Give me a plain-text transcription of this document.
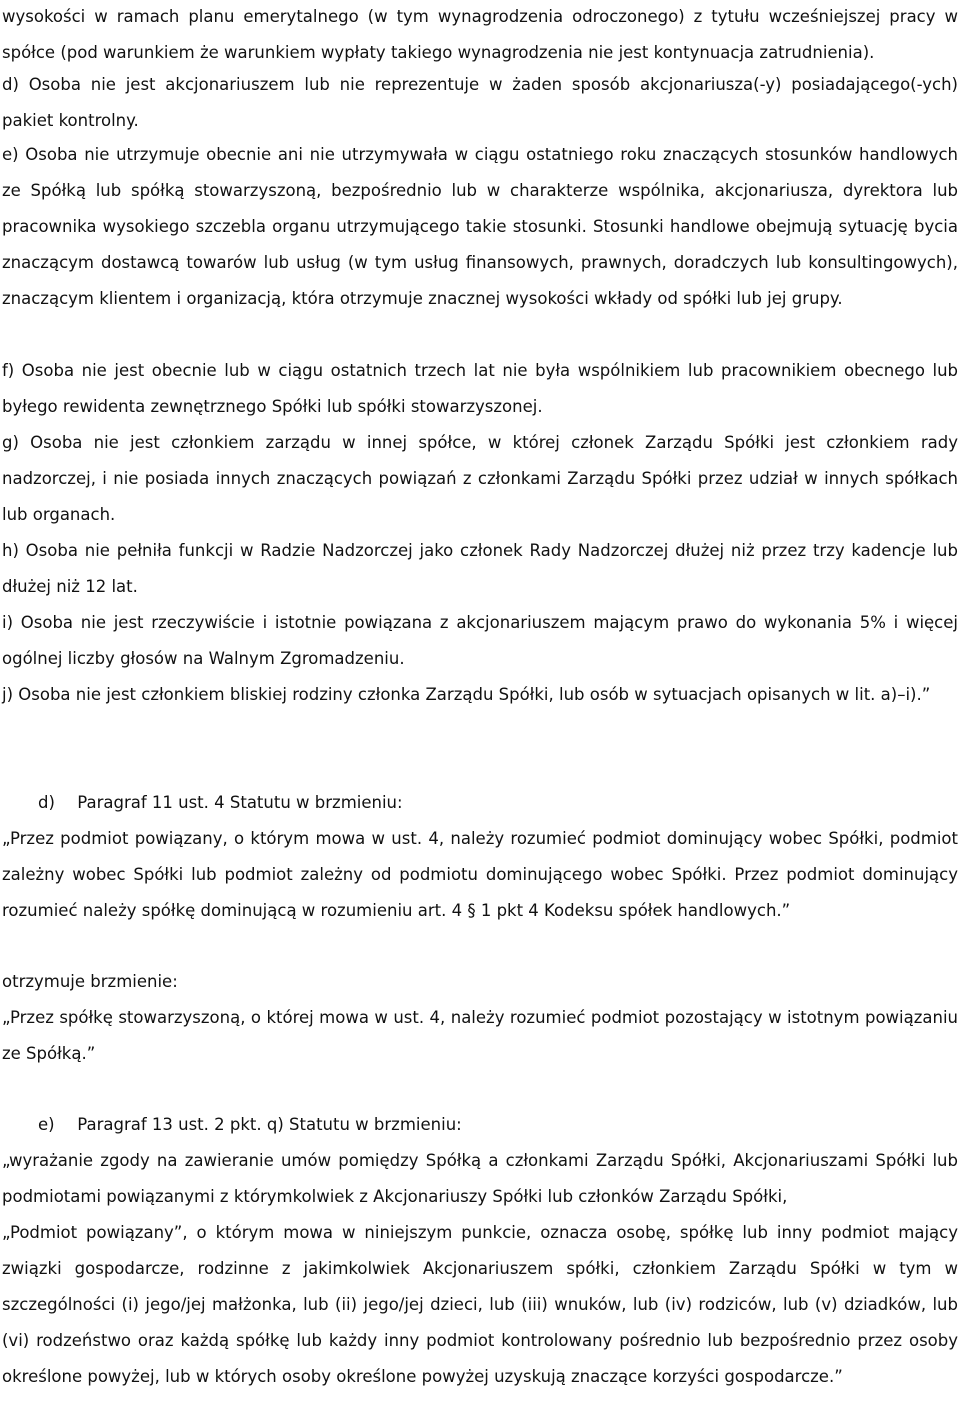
wysokości w ramach planu emerytalnego (w tym wynagrodzenia odroczonego) z tytułu wcześniejszej pracy w spółce (pod warunkiem że warunkiem wypłaty takiego wynagrodzenia nie jest kontynuacja zatrudnienia).

d) Osoba nie jest akcjonariuszem lub nie reprezentuje w żaden sposób akcjonariusza(-y) posiadającego(-ych) pakiet kontrolny.

e) Osoba nie utrzymuje obecnie ani nie utrzymywała w ciągu ostatniego roku znaczących stosunków handlowych ze Spółką lub spółką stowarzyszoną, bezpośrednio lub w charakterze wspólnika, akcjonariusza, dyrektora lub pracownika wysokiego szczebla organu utrzymującego takie stosunki. Stosunki handlowe obejmują sytuację bycia znaczącym dostawcą towarów lub usług (w tym usług finansowych, prawnych, doradczych lub konsultingowych), znaczącym klientem i organizacją, która otrzymuje znacznej wysokości wkłady od spółki lub jej grupy.

f) Osoba nie jest obecnie lub w ciągu ostatnich trzech lat nie była wspólnikiem lub pracownikiem obecnego lub byłego rewidenta zewnętrznego Spółki lub spółki stowarzyszonej.

g) Osoba nie jest członkiem zarządu w innej spółce, w której członek Zarządu Spółki jest członkiem rady nadzorczej, i nie posiada innych znaczących powiązań z członkami Zarządu Spółki przez udział w innych spółkach lub organach.

h) Osoba nie pełniła funkcji w Radzie Nadzorczej jako członek Rady Nadzorczej dłużej niż przez trzy kadencje lub dłużej niż 12 lat.

i) Osoba nie jest rzeczywiście i istotnie powiązana z akcjonariuszem mającym prawo do wykonania 5% i więcej ogólnej liczby głosów na Walnym Zgromadzeniu.

j) Osoba nie jest członkiem bliskiej rodziny członka Zarządu Spółki, lub osób w sytuacjach opisanych w lit. a)–i).”

d) Paragraf 11 ust. 4 Statutu w brzmieniu:

„Przez podmiot powiązany, o którym mowa w ust. 4, należy rozumieć podmiot dominujący wobec Spółki, podmiot zależny wobec Spółki lub podmiot zależny od podmiotu dominującego wobec Spółki. Przez podmiot dominujący rozumieć należy spółkę dominującą w rozumieniu art. 4 § 1 pkt 4 Kodeksu spółek handlowych.”

otrzymuje brzmienie:

„Przez spółkę stowarzyszoną, o której mowa w ust. 4, należy rozumieć podmiot pozostający w istotnym powiązaniu ze Spółką.”

e) Paragraf 13 ust. 2 pkt. q) Statutu w brzmieniu:

„wyrażanie zgody na zawieranie umów pomiędzy Spółką a członkami Zarządu Spółki, Akcjonariuszami Spółki lub podmiotami powiązanymi z którymkolwiek z Akcjonariuszy Spółki lub członków Zarządu Spółki,

„Podmiot powiązany”, o którym mowa w niniejszym punkcie, oznacza osobę, spółkę lub inny podmiot mający związki gospodarcze, rodzinne z jakimkolwiek Akcjonariuszem spółki, członkiem Zarządu Spółki w tym w szczególności (i) jego/jej małżonka, lub (ii) jego/jej dzieci, lub (iii) wnuków, lub (iv) rodziców, lub (v) dziadków, lub (vi) rodzeństwo oraz każdą spółkę lub każdy inny podmiot kontrolowany pośrednio lub bezpośrednio przez osoby określone powyżej, lub w których osoby określone powyżej uzyskują znaczące korzyści gospodarcze.”
